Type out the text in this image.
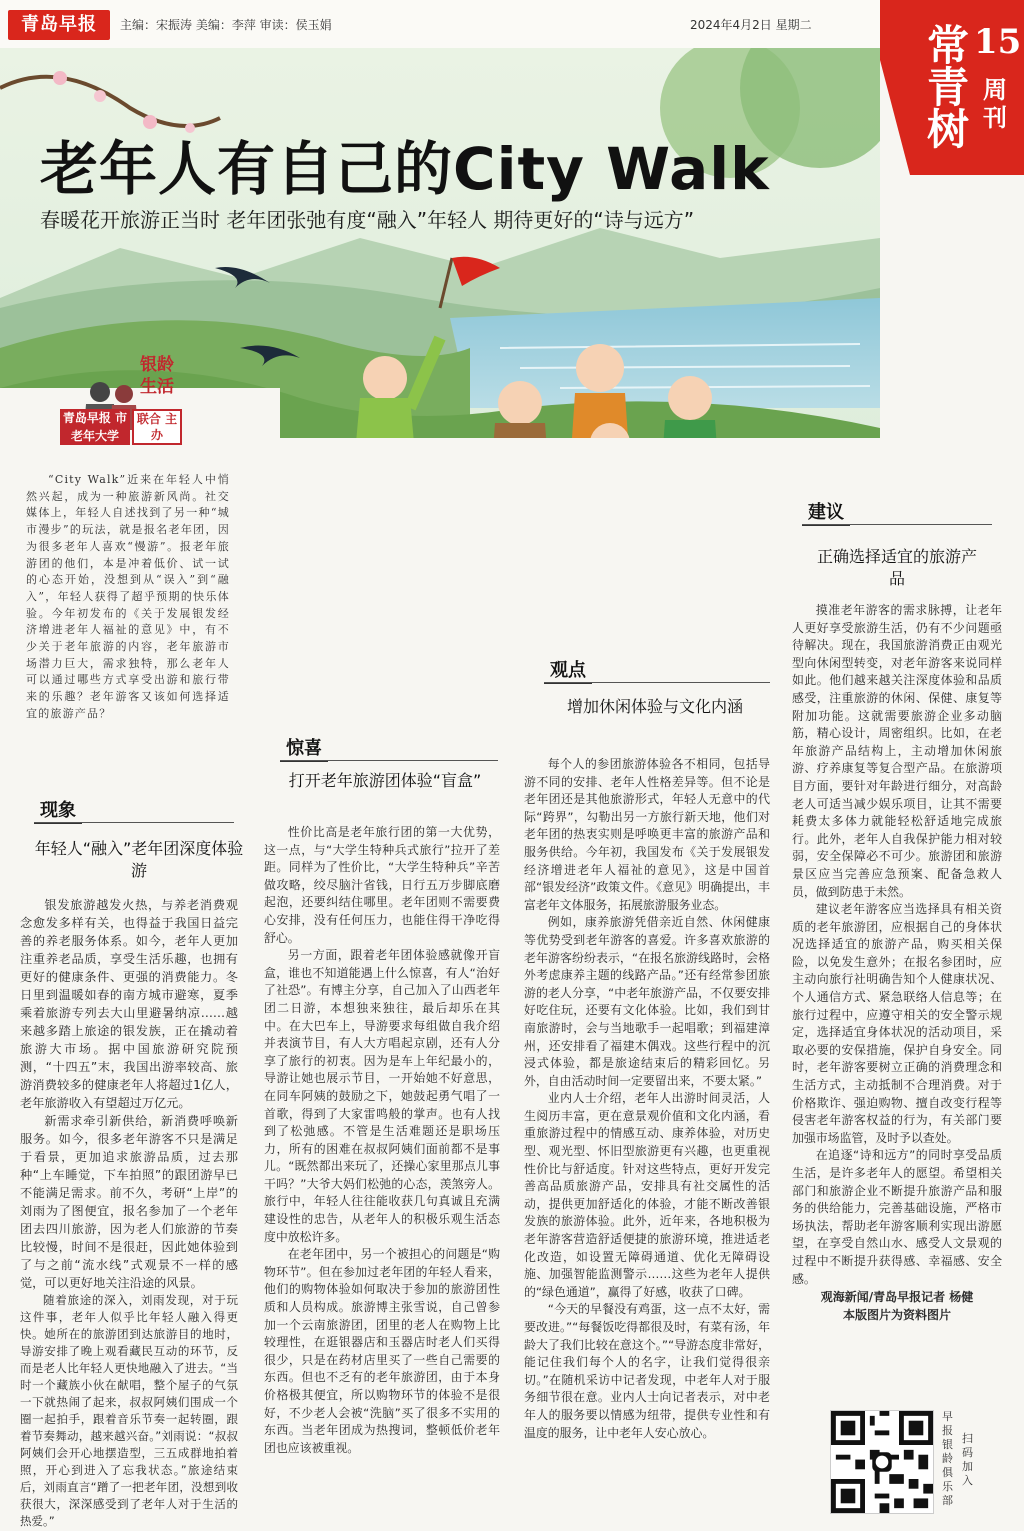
青岛早报	主编：宋振涛 美编：李萍 审读：侯玉娟	2024年4月2日 星期二	常青树 15
周刊
老年人有自己的City Walk
春暖花开旅游正当时 老年团张弛有度“融入”年轻人 期待更好的“诗与远方”
银龄生活
青岛早报 市老年大学
联合 主办

“City Walk”近来在年轻人中悄然兴起，成为一种旅游新风尚。社交媒体上，年轻人自述找到了另一种“城市漫步”的玩法，就是报名老年团，因为很多老年人喜欢“慢游”。报老年旅游团的他们，本是冲着低价、试一试的心态开始，没想到从“误入”到“融入”，年轻人获得了超乎预期的快乐体验。今年初发布的《关于发展银发经济增进老年人福祉的意见》中，有不少关于老年旅游的内容，老年旅游市场潜力巨大，需求独特，那么老年人可以通过哪些方式享受出游和旅行带来的乐趣？老年游客又该如何选择适宜的旅游产品？

现象
年轻人“融入”老年团深度体验游

银发旅游越发火热，与养老消费观念愈发多样有关，也得益于我国日益完善的养老服务体系。如今，老年人更加注重养老品质，享受生活乐趣，也拥有更好的健康条件、更强的消费能力。冬日里到温暖如春的南方城市避寒，夏季乘着旅游专列去大山里避暑纳凉……越来越多踏上旅途的银发族，正在撬动着旅游大市场。据中国旅游研究院预测，“十四五”末，我国出游率较高、旅游消费较多的健康老年人将超过1亿人，老年旅游收入有望超过万亿元。

新需求牵引新供给，新消费呼唤新服务。如今，很多老年游客不只是满足于看景，更加追求旅游品质，过去那种“上车睡觉，下车拍照”的跟团游早已不能满足需求。前不久，考研“上岸”的刘雨为了图便宜，报名参加了一个老年团去四川旅游，因为老人们旅游的节奏比较慢，时间不是很赶，因此她体验到了与之前“流水线”式观景不一样的感觉，可以更好地关注沿途的风景。

随着旅途的深入，刘雨发现，对于玩这件事，老年人似乎比年轻人融入得更快。她所在的旅游团到达旅游目的地时，导游安排了晚上观看藏民互动的环节，反而是老人比年轻人更快地融入了进去。“当时一个藏族小伙在献唱，整个屋子的气氛一下就热闹了起来，叔叔阿姨们围成一个圈一起拍手，跟着音乐节奏一起转圈，跟着节奏舞动，越来越兴奋。”刘雨说：“叔叔阿姨们会开心地摆造型，三五成群地拍着照，开心到进入了忘我状态。”旅途结束后，刘雨直言“蹭了一把老年团，没想到收获很大，深深感受到了老年人对于生活的热爱。”

惊喜
打开老年旅游团体验“盲盒”

性价比高是老年旅行团的第一大优势，这一点，与“大学生特种兵式旅行”拉开了差距。同样为了性价比，“大学生特种兵”辛苦做攻略，绞尽脑汁省钱，日行五万步脚底磨起泡，还要纠结住哪里。老年团则不需要费心安排，没有任何压力，也能住得干净吃得舒心。

另一方面，跟着老年团体验感就像开盲盒，谁也不知道能遇上什么惊喜，有人“治好了社恐”。有博主分享，自己加入了山西老年团二日游，本想独来独往，最后却乐在其中。在大巴车上，导游要求每组做自我介绍并表演节目，有人大方唱起京剧，还有人分享了旅行的初衷。因为是车上年纪最小的，导游让她也展示节目，一开始她不好意思，在同车阿姨的鼓励之下，她鼓起勇气唱了一首歌，得到了大家雷鸣般的掌声。也有人找到了松弛感。不管是生活难题还是职场压力，所有的困难在叔叔阿姨们面前都不是事儿。“既然都出来玩了，还操心家里那点儿事干吗？”大爷大妈们松弛的心态，羡煞旁人。旅行中，年轻人往往能收获几句真诚且充满建设性的忠告，从老年人的积极乐观生活态度中放松许多。

在老年团中，另一个被担心的问题是“购物环节”。但在参加过老年团的年轻人看来，他们的购物体验如何取决于参加的旅游团性质和人员构成。旅游博主张雪说，自己曾参加一个云南旅游团，团里的老人在购物上比较理性，在逛银器店和玉器店时老人们买得很少，只是在药材店里买了一些自己需要的东西。但也不乏有的老年旅游团，由于本身价格极其便宜，所以购物环节的体验不是很好，不少老人会被“洗脑”买了很多不实用的东西。当老年团成为热搜词，整顿低价老年团也应该被重视。

观点
增加休闲体验与文化内涵

每个人的参团旅游体验各不相同，包括导游不同的安排、老年人性格差异等。但不论是老年团还是其他旅游形式，年轻人无意中的代际“跨界”，勾勒出另一方旅行新天地，他们对老年团的热衷实则是呼唤更丰富的旅游产品和服务供给。今年初，我国发布《关于发展银发经济增进老年人福祉的意见》，这是中国首部“银发经济”政策文件。《意见》明确提出，丰富老年文体服务，拓展旅游服务业态。

例如，康养旅游凭借亲近自然、休闲健康等优势受到老年游客的喜爱。许多喜欢旅游的老年游客纷纷表示，“在报名旅游线路时，会格外考虑康养主题的线路产品。”还有经常参团旅游的老人分享，“中老年旅游产品，不仅要安排好吃住玩，还要有文化体验。比如，我们到甘南旅游时，会与当地歌手一起唱歌；到福建漳州，还安排看了福建木偶戏。这些行程中的沉浸式体验，都是旅途结束后的精彩回忆。另外，自由活动时间一定要留出来，不要太紧。”

业内人士介绍，老年人出游时间灵活，人生阅历丰富，更在意景观价值和文化内涵，看重旅游过程中的情感互动、康养体验，对历史型、观光型、怀旧型旅游更有兴趣，也更重视性价比与舒适度。针对这些特点，更好开发完善高品质旅游产品，安排具有社交属性的活动，提供更加舒适化的体验，才能不断改善银发族的旅游体验。此外，近年来，各地积极为老年游客营造舒适便捷的旅游环境，推进适老化改造，如设置无障碍通道、优化无障碍设施、加强智能监测警示……这些为老年人提供的“绿色通道”，赢得了好感，收获了口碑。

“今天的早餐没有鸡蛋，这一点不太好，需要改进。”“每餐饭吃得都很及时，有菜有汤，年龄大了我们比较在意这个。”“导游态度非常好，能记住我们每个人的名字，让我们觉得很亲切。”在随机采访中记者发现，中老年人对于服务细节很在意。业内人士向记者表示，对中老年人的服务要以情感为纽带，提供专业性和有温度的服务，让中老年人安心放心。

建议
正确选择适宜的旅游产品

摸准老年游客的需求脉搏，让老年人更好享受旅游生活，仍有不少问题亟待解决。现在，我国旅游消费正由观光型向休闲型转变，对老年游客来说同样如此。他们越来越关注深度体验和品质感受，注重旅游的休闲、保健、康复等附加功能。这就需要旅游企业多动脑筋，精心设计，周密组织。比如，在老年旅游产品结构上，主动增加休闲旅游、疗养康复等复合型产品。在旅游项目方面，要针对年龄进行细分，对高龄老人可适当减少娱乐项目，让其不需要耗费太多体力就能轻松舒适地完成旅行。此外，老年人自我保护能力相对较弱，安全保障必不可少。旅游团和旅游景区应当完善应急预案、配备急救人员，做到防患于未然。

建议老年游客应当选择具有相关资质的老年旅游团，应根据自己的身体状况选择适宜的旅游产品，购买相关保险，以免发生意外；在报名参团时，应主动向旅行社明确告知个人健康状况、个人通信方式、紧急联络人信息等；在旅行过程中，应遵守相关的安全警示规定，选择适宜身体状况的活动项目，采取必要的安保措施，保护自身安全。同时，老年游客要树立正确的消费理念和生活方式，主动抵制不合理消费。对于价格欺诈、强迫购物、擅自改变行程等侵害老年游客权益的行为，有关部门要加强市场监管，及时予以查处。

在追逐“诗和远方”的同时享受品质生活，是许多老年人的愿望。希望相关部门和旅游企业不断提升旅游产品和服务的供给能力，完善基础设施，严格市场执法，帮助老年游客顺利实现出游愿望，在享受自然山水、感受人文景观的过程中不断提升获得感、幸福感、安全感。

观海新闻/青岛早报记者 杨健
本版图片为资料图片
早报银龄俱乐部
扫码加入
